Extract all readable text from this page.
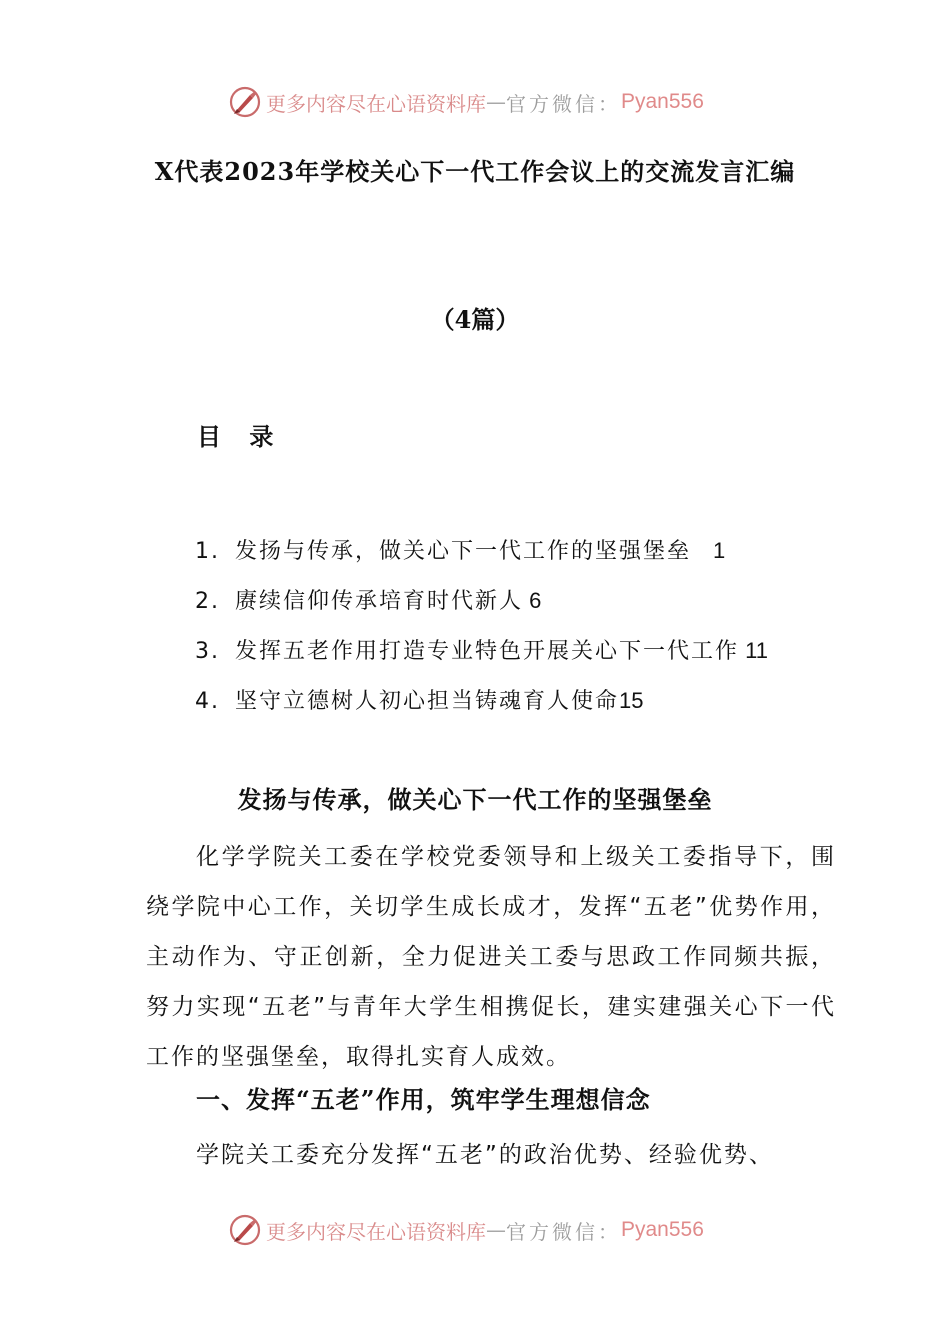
更多内容尽在心语资料库 — 官方微信： Pyan556
X代表2023年学校关心下一代工作会议上的交流发言汇编
（4篇）
目 录
1. 发扬与传承，做关心下一代工作的坚强堡垒　1
2. 赓续信仰传承培育时代新人 6
3. 发挥五老作用打造专业特色开展关心下一代工作 11
4. 坚守立德树人初心担当铸魂育人使命15
发扬与传承，做关心下一代工作的坚强堡垒

化学学院关工委在学校党委领导和上级关工委指导下，围绕学院中心工作，关切学生成长成才，发挥“五老”优势作用，主动作为、守正创新，全力促进关工委与思政工作同频共振，努力实现“五老”与青年大学生相携促长，建实建强关心下一代工作的坚强堡垒，取得扎实育人成效。

一、发挥“五老”作用，筑牢学生理想信念

学院关工委充分发挥“五老”的政治优势、经验优势、

更多内容尽在心语资料库 — 官方微信： Pyan556
